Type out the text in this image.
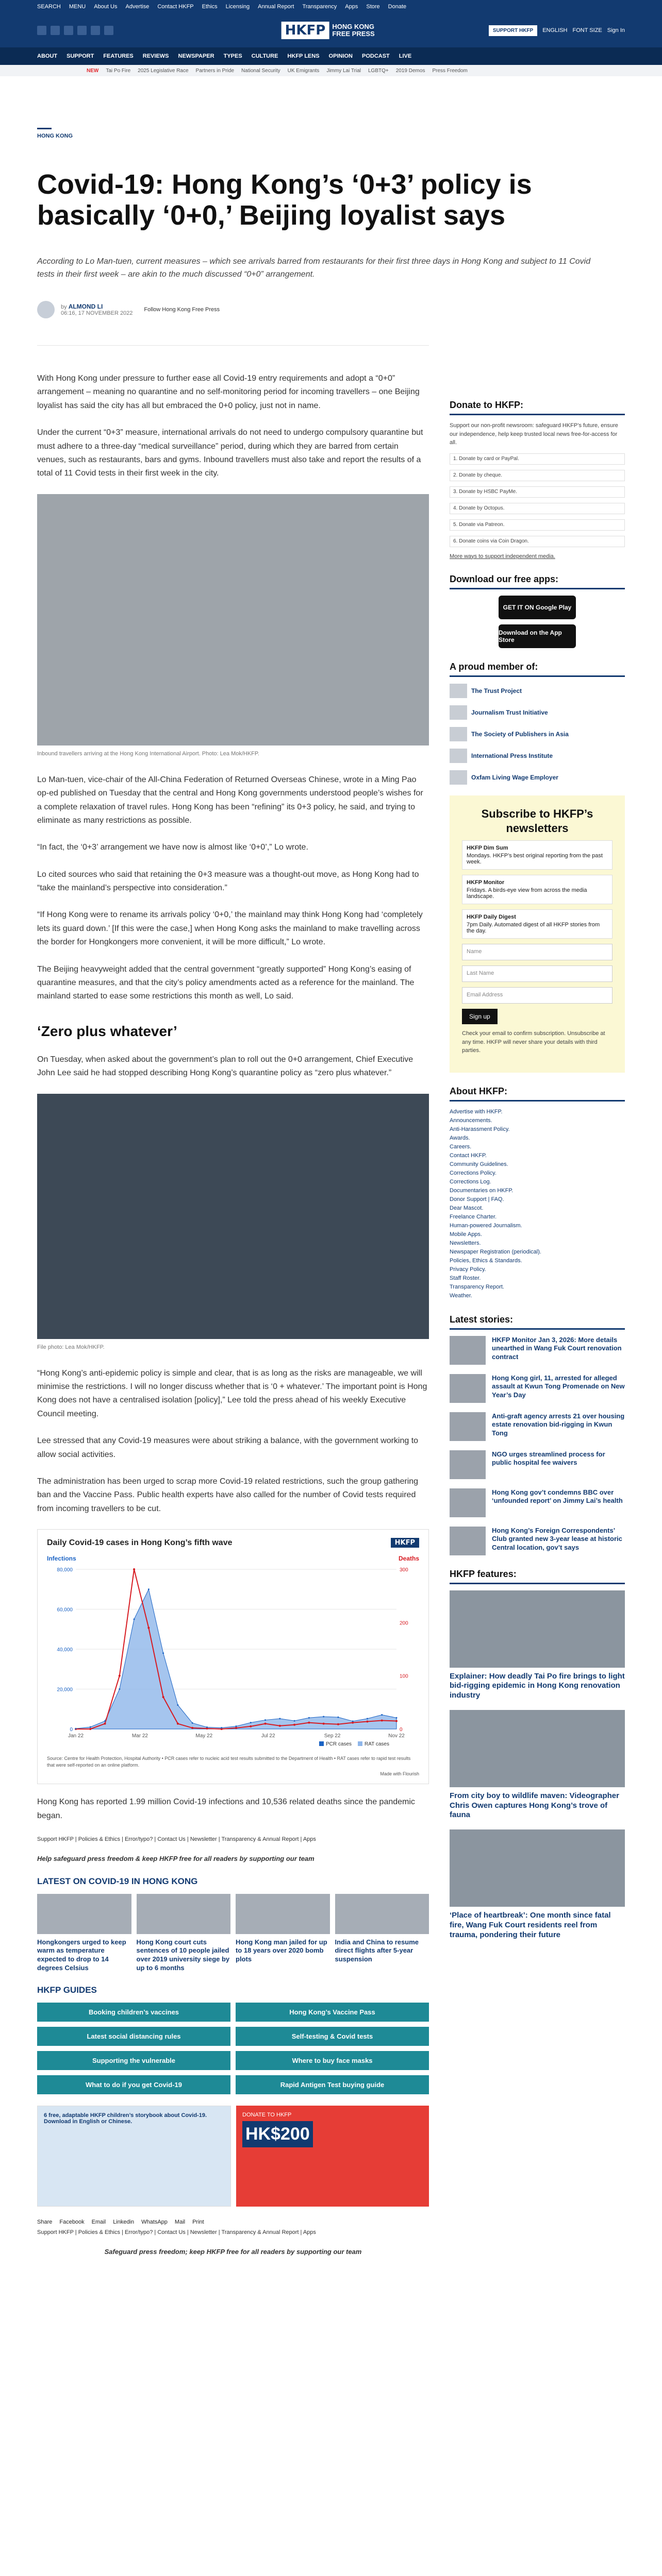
SEARCH MENU About Us Advertise Contact HKFP Ethics Licensing Annual Report Transparency Apps Store Donate
HKFP	HONG KONG FREE PRESS	SUPPORT HKFP	ENGLISH FONT SIZE Sign In
ABOUT SUPPORT FEATURES REVIEWS NEWSPAPER TYPES CULTURE HKFP LENS OPINION PODCAST LIVE
NEW Tai Po Fire 2025 Legislative Race Partners in Pride National Security UK Emigrants Jimmy Lai Trial LGBTQ+ 2019 Demos Press Freedom
HONG KONG
Covid-19: Hong Kong’s ‘0+3’ policy is basically ‘0+0,’ Beijing loyalist says
According to Lo Man-tuen, current measures – which see arrivals barred from restaurants for their first three days in Hong Kong and subject to 11 Covid tests in their first week – are akin to the much discussed “0+0” arrangement.
by ALMOND LI
06:16, 17 NOVEMBER 2022
Follow Hong Kong Free Press

With Hong Kong under pressure to further ease all Covid-19 entry requirements and adopt a “0+0” arrangement – meaning no quarantine and no self-monitoring period for incoming travellers – one Beijing loyalist has said the city has all but embraced the 0+0 policy, just not in name.

Under the current “0+3” measure, international arrivals do not need to undergo compulsory quarantine but must adhere to a three-day “medical surveillance” period, during which they are barred from certain venues, such as restaurants, bars and gyms. Inbound travellers must also take and report the results of a total of 11 Covid tests in their first week in the city.

Inbound travellers arriving at the Hong Kong International Airport. Photo: Lea Mok/HKFP.

Lo Man-tuen, vice-chair of the All-China Federation of Returned Overseas Chinese, wrote in a Ming Pao op-ed published on Tuesday that the central and Hong Kong governments understood people’s wishes for a complete relaxation of travel rules. Hong Kong has been “refining” its 0+3 policy, he said, and trying to eliminate as many restrictions as possible.

“In fact, the ‘0+3’ arrangement we have now is almost like ‘0+0’,” Lo wrote.

Lo cited sources who said that retaining the 0+3 measure was a thought-out move, as Hong Kong had to “take the mainland’s perspective into consideration.”

“If Hong Kong were to rename its arrivals policy ‘0+0,’ the mainland may think Hong Kong had ‘completely lets its guard down.’ [If this were the case,] when Hong Kong asks the mainland to make travelling across the border for Hongkongers more convenient, it will be more difficult,” Lo wrote.

The Beijing heavyweight added that the central government “greatly supported” Hong Kong’s easing of quarantine measures, and that the city’s policy amendments acted as a reference for the mainland. The mainland started to ease some restrictions this month as well, Lo said.

‘Zero plus whatever’

On Tuesday, when asked about the government’s plan to roll out the 0+0 arrangement, Chief Executive John Lee said he had stopped describing Hong Kong’s quarantine policy as “zero plus whatever.”

File photo: Lea Mok/HKFP.

“Hong Kong’s anti-epidemic policy is simple and clear, that is as long as the risks are manageable, we will minimise the restrictions. I will no longer discuss whether that is ‘0 + whatever.’ The important point is Hong Kong does not have a centralised isolation [policy],” Lee told the press ahead of his weekly Executive Council meeting.

Lee stressed that any Covid-19 measures were about striking a balance, with the government working to allow social activities.

The administration has been urged to scrap more Covid-19 related restrictions, such the group gathering ban and the Vaccine Pass. Public health experts have also called for the number of Covid tests required from incoming travellers to be cut.

Daily Covid-19 cases in Hong Kong’s fifth wave	HKFP
Infections	Deaths
80,000
60,000
40,000
20,000
0
300
200
100
0
Jan 22	Mar 22	May 22	Jul 22	Sep 22	Nov 22
PCR cases RAT cases
Source: Centre for Health Protection, Hospital Authority • PCR cases refer to nucleic acid test results submitted to the Department of Health • RAT cases refer to rapid test results that were self-reported on an online platform.
Made with Flourish

Hong Kong has reported 1.99 million Covid-19 infections and 10,536 related deaths since the pandemic began.

Support HKFP | Policies & Ethics | Error/typo? | Contact Us | Newsletter | Transparency & Annual Report | Apps
Help safeguard press freedom & keep HKFP free for all readers by supporting our team
LATEST ON COVID-19 IN HONG KONG
Hongkongers urged to keep warm as temperature expected to drop to 14 degrees Celsius
Hong Kong court cuts sentences of 10 people jailed over 2019 university siege by up to 6 months
Hong Kong man jailed for up to 18 years over 2020 bomb plots
India and China to resume direct flights after 5-year suspension
HKFP GUIDES
Booking children’s vaccines	Hong Kong’s Vaccine Pass
Latest social distancing rules	Self-testing & Covid tests
Supporting the vulnerable	Where to buy face masks
What to do if you get Covid-19	Rapid Antigen Test buying guide
6 free, adaptable HKFP children’s storybook about Covid-19. Download in English or Chinese.
DONATE TO HKFP
HK$200
Share Facebook Email Linkedin WhatsApp Mail Print
Support HKFP | Policies & Ethics | Error/typo? | Contact Us | Newsletter | Transparency & Annual Report | Apps
Safeguard press freedom; keep HKFP free for all readers by supporting our team
Donate to HKFP:
Support our non-profit newsroom: safeguard HKFP’s future, ensure our independence, help keep trusted local news free-for-access for all.
1. Donate by card or PayPal.
2. Donate by cheque.
3. Donate by HSBC PayMe.
4. Donate by Octopus.
5. Donate via Patreon.
6. Donate coins via Coin Dragon.
More ways to support independent media.
Download our free apps:
GET IT ON Google Play
Download on the App Store
A proud member of:
The Trust Project
Journalism Trust Initiative
The Society of Publishers in Asia
International Press Institute
Oxfam Living Wage Employer
Subscribe to HKFP’s newsletters
HKFP Dim Sum
Mondays. HKFP’s best original reporting from the past week.
HKFP Monitor
Fridays. A birds-eye view from across the media landscape.
HKFP Daily Digest
7pm Daily. Automated digest of all HKFP stories from the day.
Name
Last Name
Email Address
Sign up
Check your email to confirm subscription. Unsubscribe at any time. HKFP will never share your details with third parties.
About HKFP:
Advertise with HKFP.
Announcements.
Anti-Harassment Policy.
Awards.
Careers.
Contact HKFP.
Community Guidelines.
Corrections Policy.
Corrections Log.
Documentaries on HKFP.
Donor Support | FAQ.
Dear Mascot.
Freelance Charter.
Human-powered Journalism.
Mobile Apps.
Newsletters.
Newspaper Registration (periodical).
Policies, Ethics & Standards.
Privacy Policy.
Staff Roster.
Transparency Report.
Weather.
Latest stories:
HKFP Monitor Jan 3, 2026: More details unearthed in Wang Fuk Court renovation contract
Hong Kong girl, 11, arrested for alleged assault at Kwun Tong Promenade on New Year’s Day
Anti-graft agency arrests 21 over housing estate renovation bid-rigging in Kwun Tong
NGO urges streamlined process for public hospital fee waivers
Hong Kong gov’t condemns BBC over ‘unfounded report’ on Jimmy Lai’s health
Hong Kong’s Foreign Correspondents’ Club granted new 3-year lease at historic Central location, gov’t says
HKFP features:
Explainer: How deadly Tai Po fire brings to light bid-rigging epidemic in Hong Kong renovation industry
From city boy to wildlife maven: Videographer Chris Owen captures Hong Kong’s trove of fauna
‘Place of heartbreak’: One month since fatal fire, Wang Fuk Court residents reel from trauma, pondering their future
